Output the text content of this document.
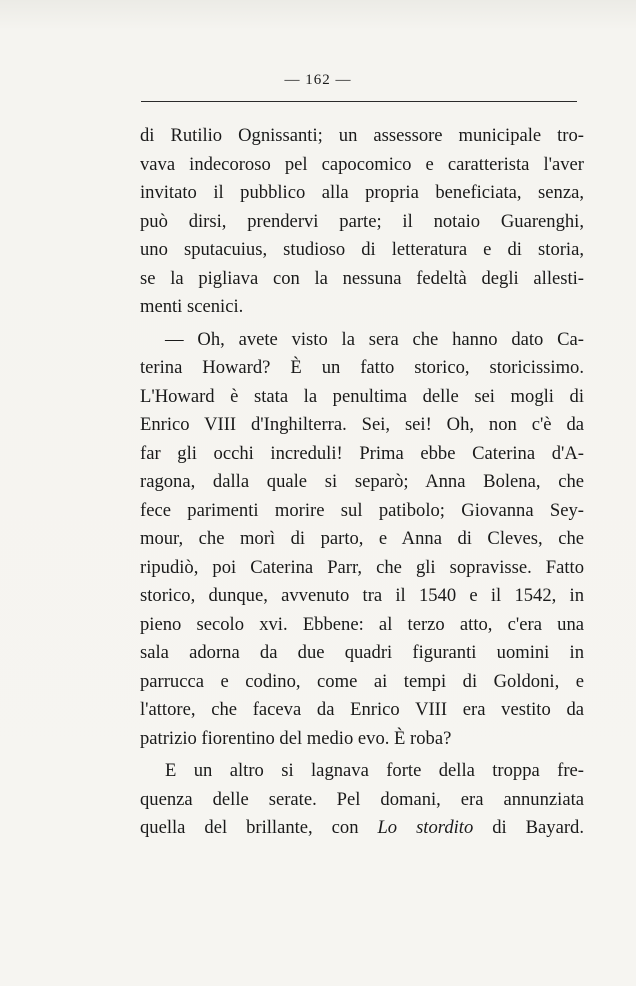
— 162 —
di Rutilio Ognissanti; un assessore municipale tro-
vava indecoroso pel capocomico e caratterista l'aver
invitato il pubblico alla propria beneficiata, senza,
può dirsi, prendervi parte; il notaio Guarenghi,
uno sputacuius, studioso di letteratura e di storia,
se la pigliava con la nessuna fedeltà degli allesti-
menti scenici.
— Oh, avete visto la sera che hanno dato Ca-
terina Howard? È un fatto storico, storicissimo.
L'Howard è stata la penultima delle sei mogli di
Enrico VIII d'Inghilterra. Sei, sei! Oh, non c'è da
far gli occhi increduli! Prima ebbe Caterina d'A-
ragona, dalla quale si separò; Anna Bolena, che
fece parimenti morire sul patibolo; Giovanna Sey-
mour, che morì di parto, e Anna di Cleves, che
ripudiò, poi Caterina Parr, che gli sopravisse. Fatto
storico, dunque, avvenuto tra il 1540 e il 1542, in
pieno secolo xvi. Ebbene: al terzo atto, c'era una
sala adorna da due quadri figuranti uomini in
parrucca e codino, come ai tempi di Goldoni, e
l'attore, che faceva da Enrico VIII era vestito da
patrizio fiorentino del medio evo. È roba?
E un altro si lagnava forte della troppa fre-
quenza delle serate. Pel domani, era annunziata
quella del brillante, con Lo stordito di Bayard.
